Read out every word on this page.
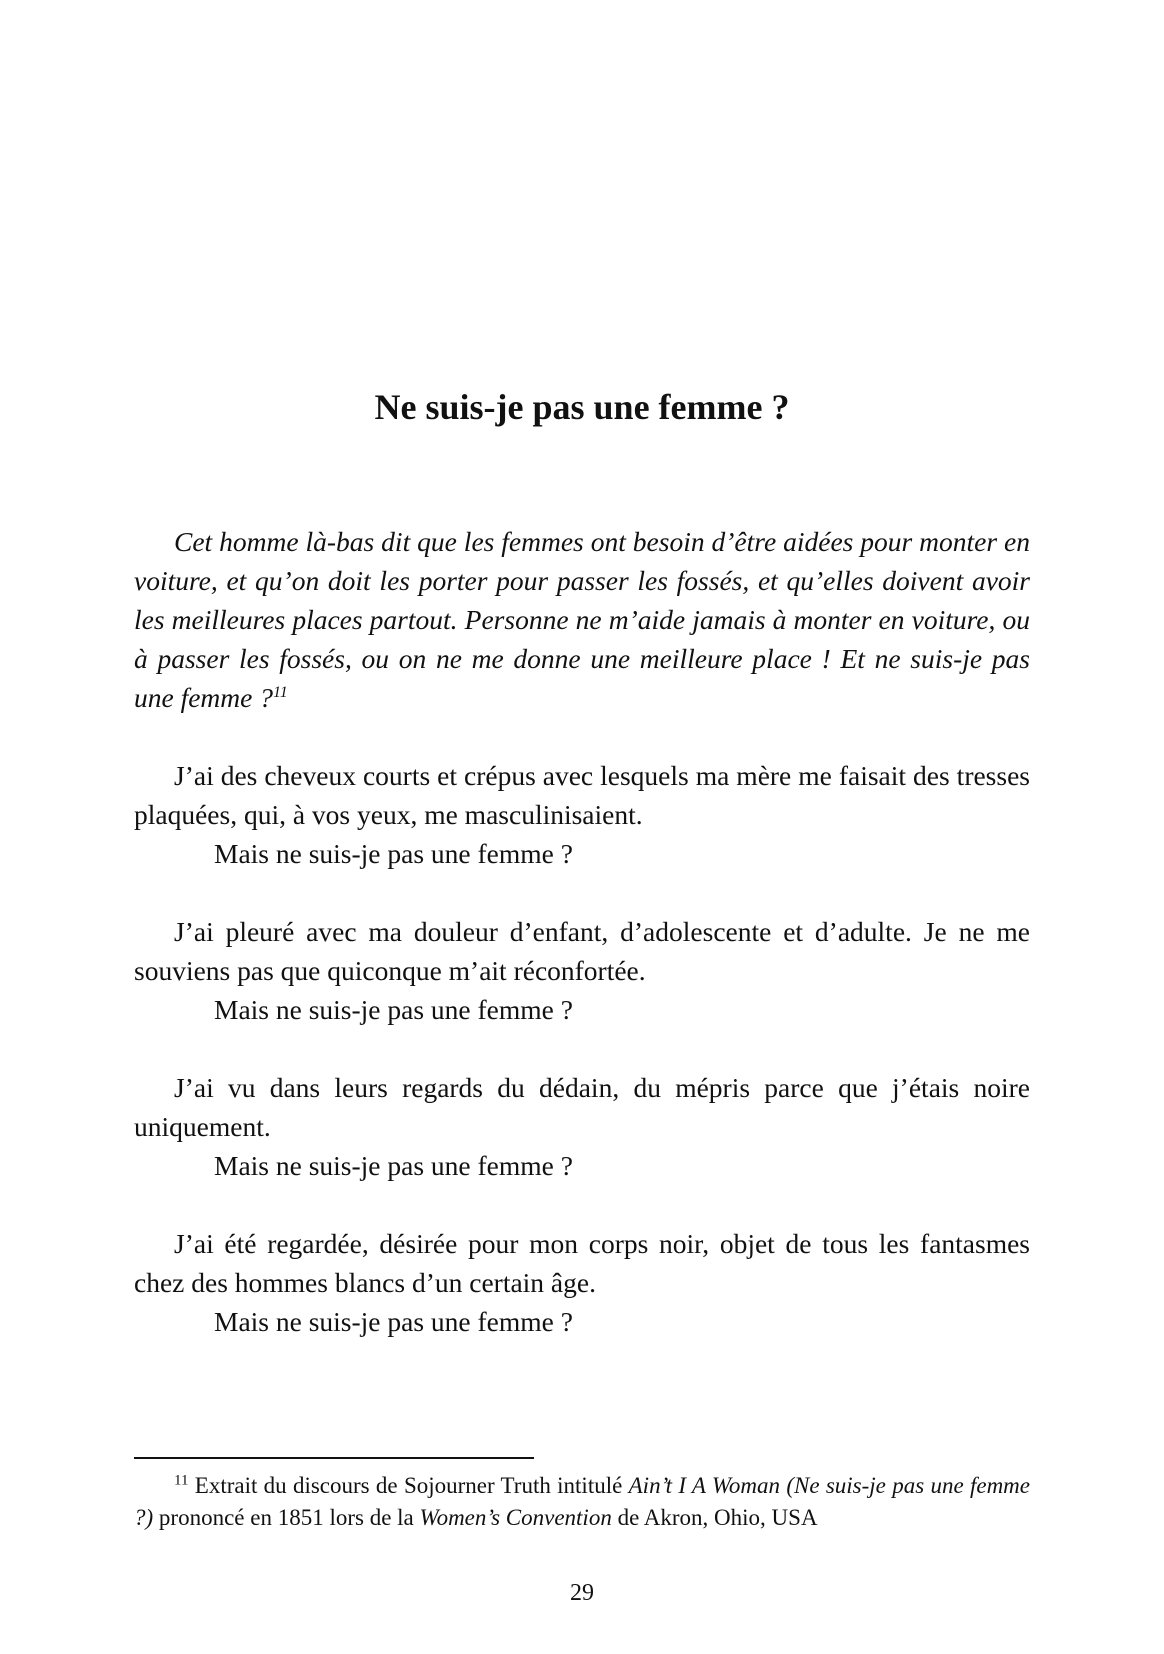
Ne suis-je pas une femme ?

Cet homme là-bas dit que les femmes ont besoin d’être aidées pour monter en voiture, et qu’on doit les porter pour passer les fossés, et qu’elles doivent avoir les meilleures places partout. Personne ne m’aide jamais à monter en voiture, ou à passer les fossés, ou on ne me donne une meilleure place ! Et ne suis-je pas une femme ?$^{11}$

J’ai des cheveux courts et crépus avec lesquels ma mère me faisait des tresses plaquées, qui, à vos yeux, me masculinisaient.

Mais ne suis-je pas une femme ?

J’ai pleuré avec ma douleur d’enfant, d’adolescente et d’adulte. Je ne me souviens pas que quiconque m’ait réconfortée.

Mais ne suis-je pas une femme ?

J’ai vu dans leurs regards du dédain, du mépris parce que j’étais noire uniquement.

Mais ne suis-je pas une femme ?

J’ai été regardée, désirée pour mon corps noir, objet de tous les fantasmes chez des hommes blancs d’un certain âge.

Mais ne suis-je pas une femme ?

$^{11}$ Extrait du discours de Sojourner Truth intitulé Ain’t I A Woman (Ne suis-je pas une femme ?) prononcé en 1851 lors de la Women’s Convention de Akron, Ohio, USA

29
